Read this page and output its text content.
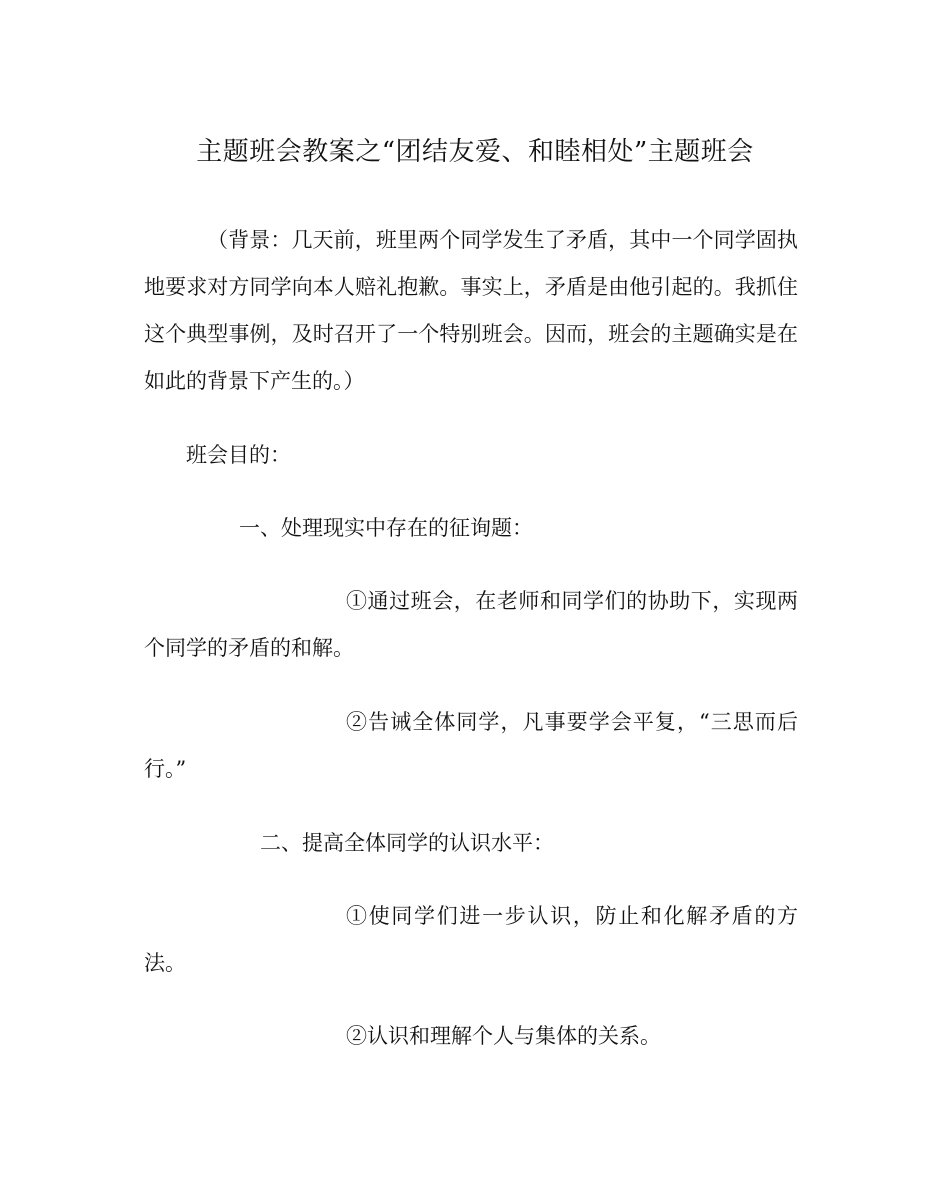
主题班会教案之“团结友爱、和睦相处”主题班会

（背景：几天前，班里两个同学发生了矛盾，其中一个同学固执地要求对方同学向本人赔礼抱歉。事实上，矛盾是由他引起的。我抓住这个典型事例，及时召开了一个特别班会。因而，班会的主题确实是在如此的背景下产生的。）

班会目的：

一、处理现实中存在的征询题：

①通过班会，在老师和同学们的协助下，实现两个同学的矛盾的和解。

②告诫全体同学，凡事要学会平复，“三思而后行。”

二、提高全体同学的认识水平：

①使同学们进一步认识，防止和化解矛盾的方法。

②认识和理解个人与集体的关系。
